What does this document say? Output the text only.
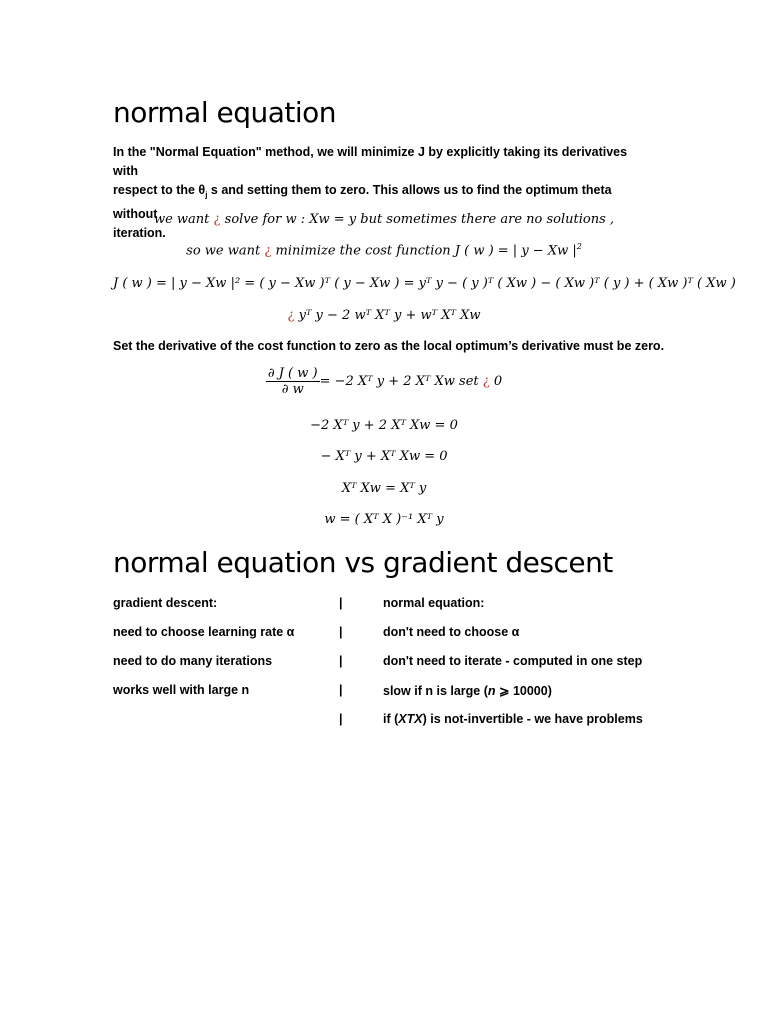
normal equation
In the "Normal Equation" method, we will minimize J by explicitly taking its derivatives with
respect to the $\theta_j$ s and setting them to zero. This allows us to find the optimum theta without
iteration.
we want ¿ solve for w : Xw = y but sometimes there are no solutions ,
so we want ¿ minimize the cost function J ( w ) = | y − Xw $|^2$
J ( w ) = | y − Xw |² = ( y − Xw )ᵀ ( y − Xw ) = yᵀ y − ( y )ᵀ ( Xw ) − ( Xw )ᵀ ( y ) + ( Xw )ᵀ ( Xw )
¿ yᵀ y − 2 wᵀ Xᵀ y + wᵀ Xᵀ Xw
Set the derivative of the cost function to zero as the local optimum’s derivative must be zero.
$\frac{\partial J ( w )}{\partial w} = -2$ Xᵀ y + 2 Xᵀ Xw set ¿ 0
−2 Xᵀ y + 2 Xᵀ Xw = 0
− Xᵀ y + Xᵀ Xw = 0
Xᵀ Xw = Xᵀ y
w = ( Xᵀ X )⁻¹ Xᵀ y
normal equation vs gradient descent
gradient descent:	|	normal equation:
need to choose learning rate α	|	don't need to choose α
need to do many iterations	|	don't need to iterate - computed in one step
works well with large n	|	slow if n is large (n ⩾ 10000)
|	if (XTX) is not-invertible - we have problems
